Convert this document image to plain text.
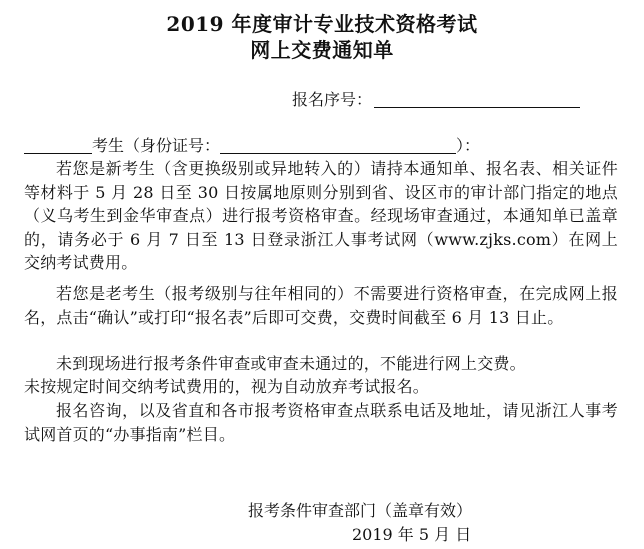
2019 年度审计专业技术资格考试
网上交费通知单
报名序号：
考生（身份证号：	）：
若您是新考生（含更换级别或异地转入的）请持本通知单、报名表、相关证件等材料于 5 月 28 日至 30 日按属地原则分别到省、设区市的审计部门指定的地点（义乌考生到金华审查点）进行报考资格审查。经现场审查通过，本通知单已盖章的，请务必于 6 月 7 日至 13 日登录浙江人事考试网（www.zjks.com）在网上交纳考试费用。
若您是老考生（报考级别与往年相同的）不需要进行资格审查，在完成网上报名，点击“确认”或打印“报名表”后即可交费，交费时间截至 6 月 13 日止。
未到现场进行报考条件审查或审查未通过的，不能进行网上交费。
未按规定时间交纳考试费用的，视为自动放弃考试报名。
报名咨询，以及省直和各市报考资格审查点联系电话及地址，请见浙江人事考试网首页的“办事指南”栏目。
报考条件审查部门（盖章有效）
2019 年 5 月 日
